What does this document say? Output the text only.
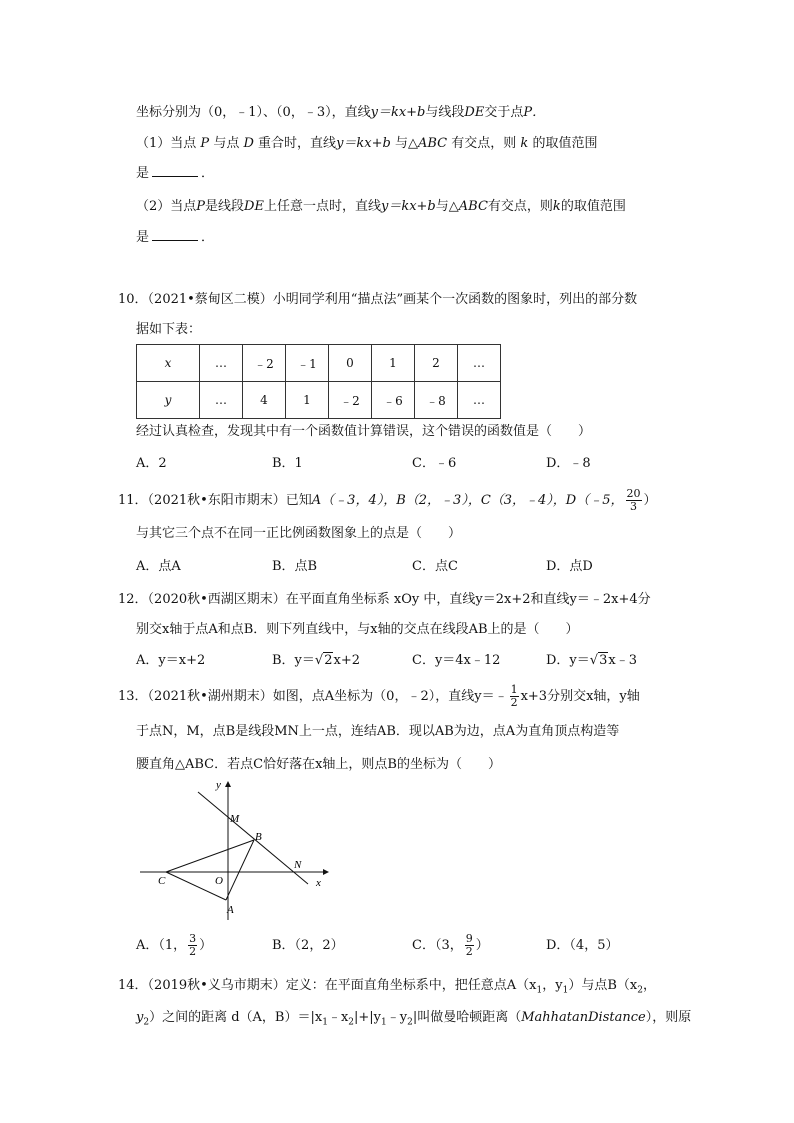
坐标分别为（0，﹣1）、（0，﹣3），直线y＝kx+b与线段DE交于点P．
（1）当点 P 与点 D 重合时，直线y＝kx+b 与△ABC 有交点，则 k 的取值范围
是	．
（2）当点P是线段DE上任意一点时，直线y＝kx+b与△ABC有交点，则k的取值范围
是	．
10．（2021•蔡甸区二模）小明同学利用“描点法”画某个一次函数的图象时，列出的部分数
据如下表：
x	…	﹣2	﹣1	0	1	2	…
y	…	4	1	﹣2	﹣6	﹣8	…
经过认真检查，发现其中有一个函数值计算错误，这个错误的函数值是（　　）
A．2	B．1	C．﹣6	D．﹣8
11．（2021秋•东阳市期末）已知A（﹣3，4），B（2，﹣3），C（3，﹣4），D（﹣5， $\frac{20}{3}$ ）
与其它三个点不在同一正比例函数图象上的点是（　　）
A．点A	B．点B	C．点C	D．点D
12．（2020秋•西湖区期末）在平面直角坐标系 xOy 中，直线y＝2x+2和直线y＝﹣2x+4分
别交x轴于点A和点B．则下列直线中，与x轴的交点在线段AB上的是（　　）
A．y＝x+2	B．y＝√2x+2	C．y＝4x﹣12	D．y＝√3x﹣3
13．（2021秋•湖州期末）如图，点A坐标为（0，﹣2），直线y＝﹣ $\frac{1}{2} x+3$分别交x轴，y轴
于点N，M，点B是线段MN上一点，连结AB．现以AB为边，点A为直角顶点构造等
腰直角△ABC．若点C恰好落在x轴上，则点B的坐标为（　　）
y
x
M
B
N
C	O
A
A．（1， $\frac{3}{2}$ ）	B．（2，2）	C．（3， $\frac{9}{2}$ ）	D．（4，5）
14．（2019秋•义乌市期末）定义：在平面直角坐标系中，把任意点$A(x_1$，$y_1$）与点$B(x_2$，
$y_2$）之间的距离 d（A，$B)=|x_1﹣x_2|+|y_1﹣y_2|$叫做曼哈顿距离（MahhatanDistance），则原
